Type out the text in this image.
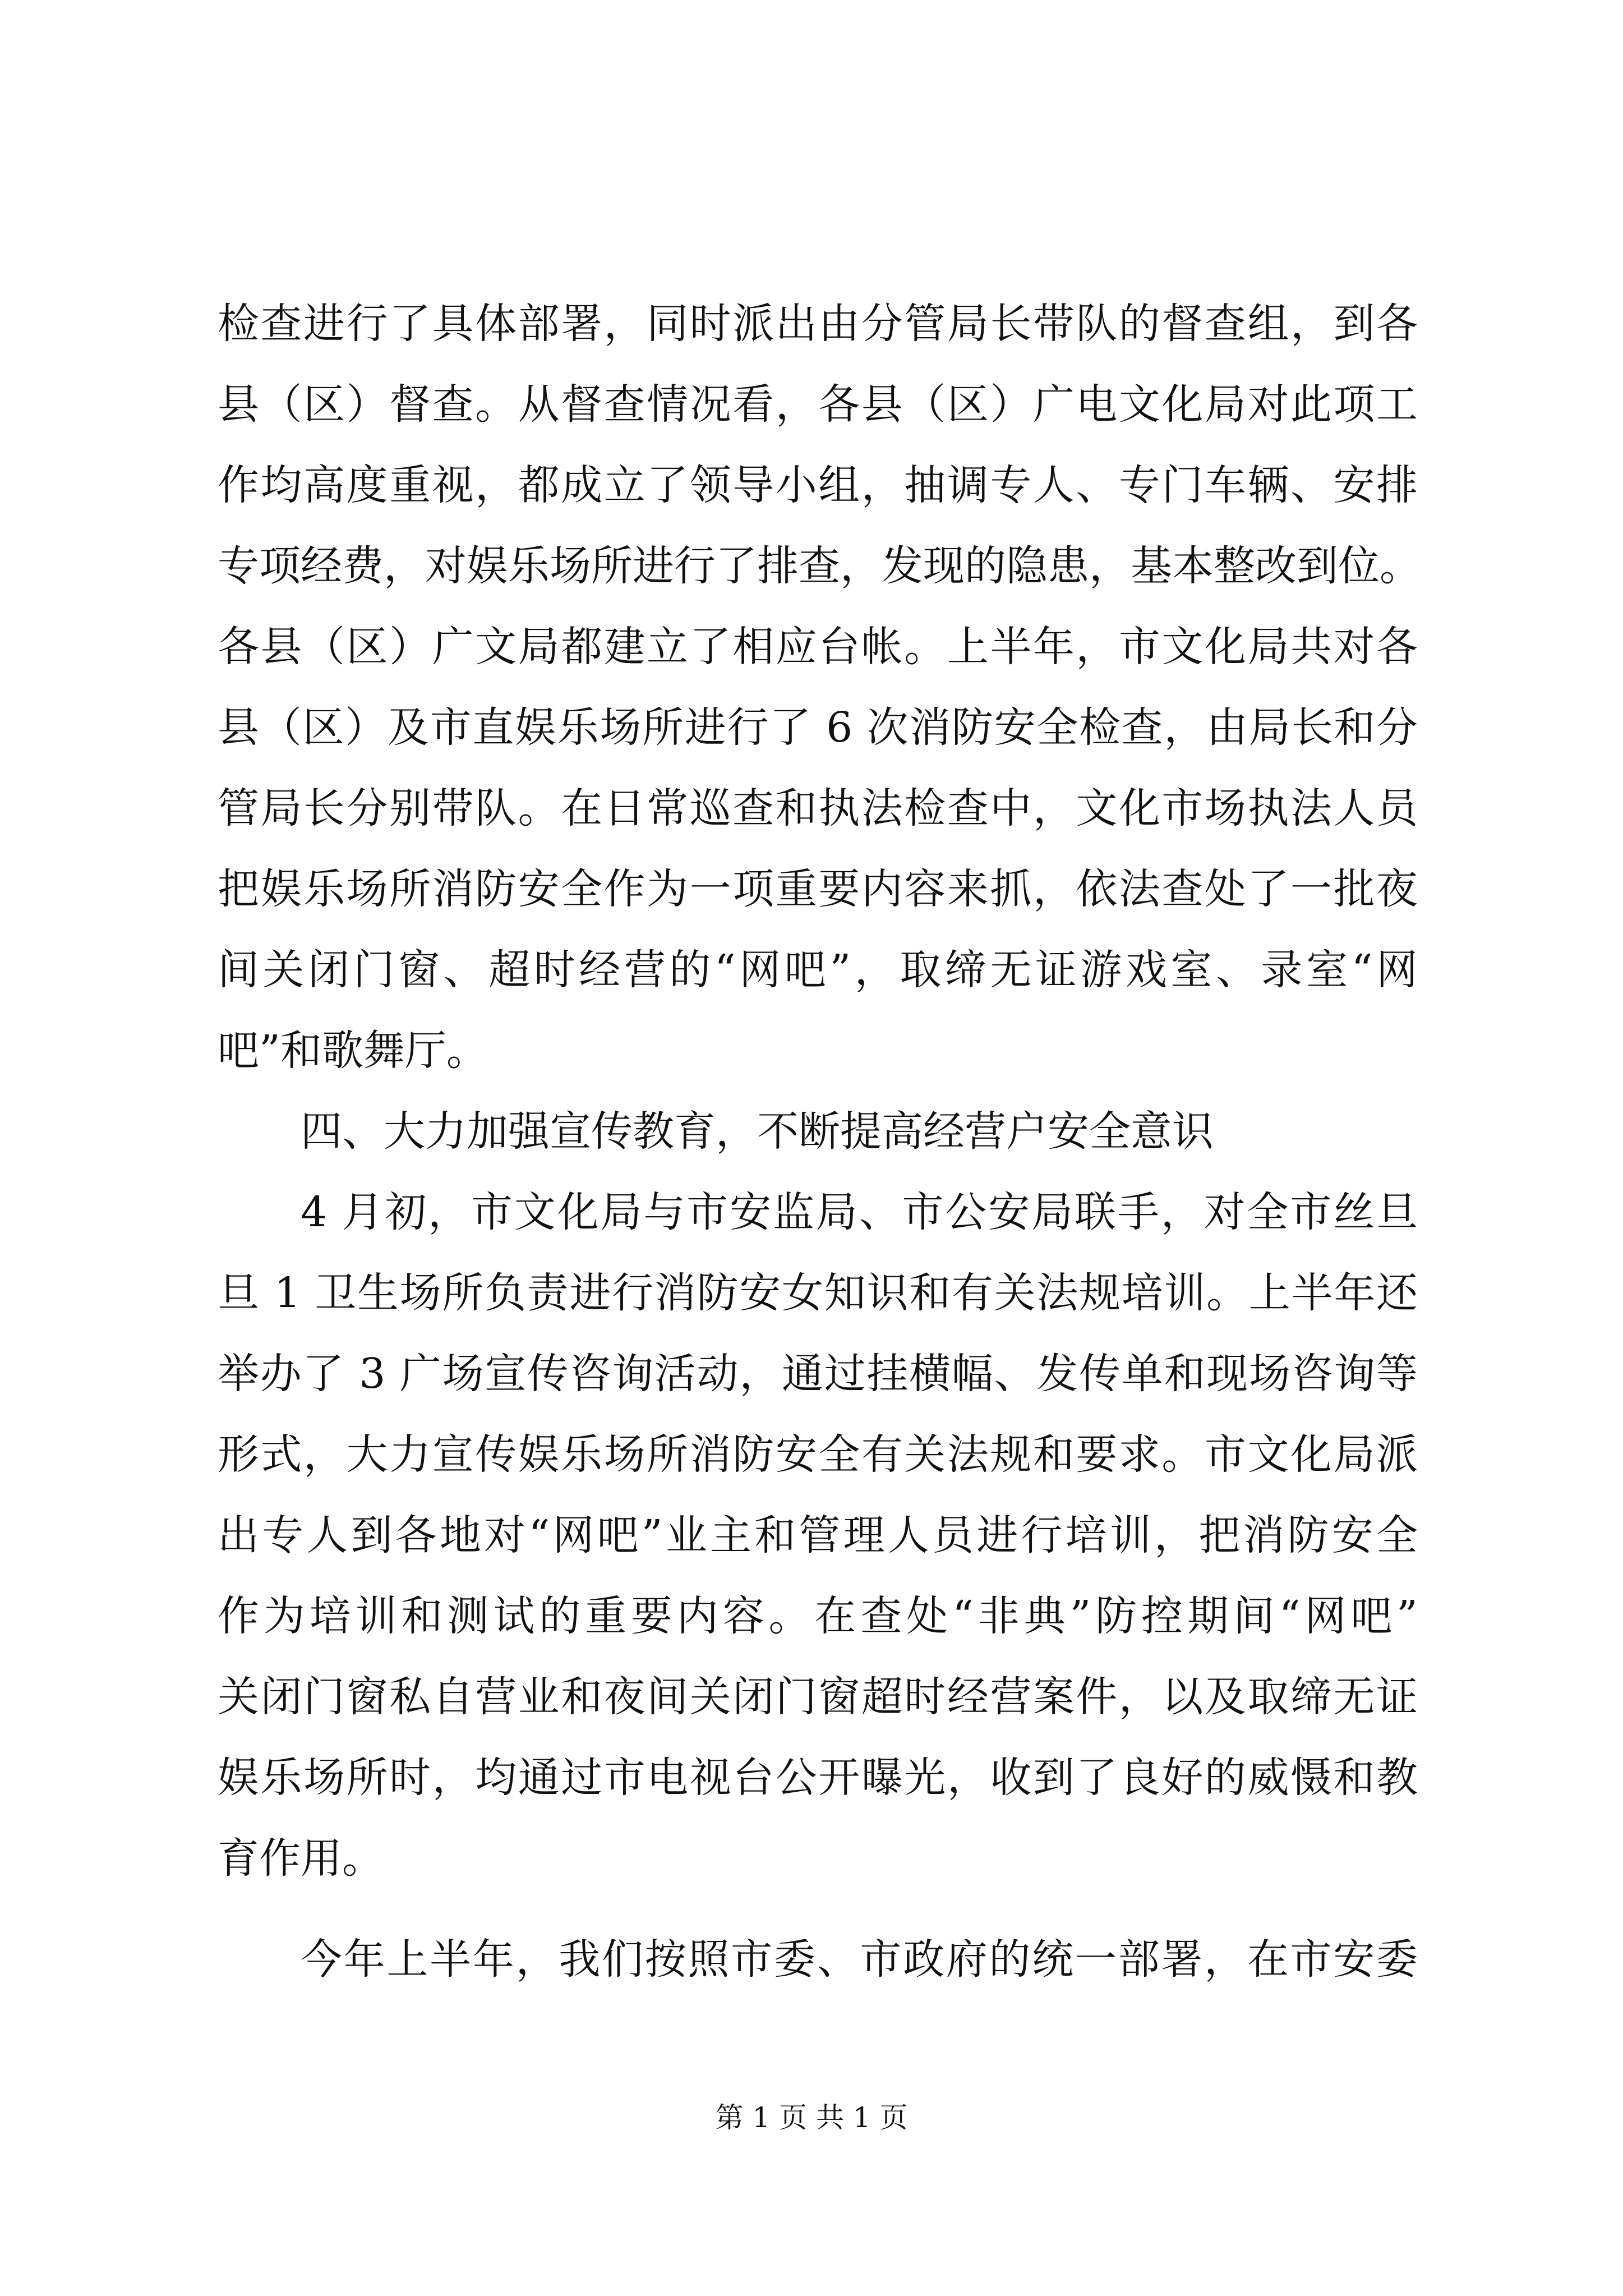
检查进行了具体部署，同时派出由分管局长带队的督查组，到各
县（区）督查。从督查情况看，各县（区）广电文化局对此项工
作均高度重视，都成立了领导小组，抽调专人、专门车辆、安排
专项经费，对娱乐场所进行了排查，发现的隐患，基本整改到位。
各县（区）广文局都建立了相应台帐。上半年，市文化局共对各
县（区）及市直娱乐场所进行了 6 次消防安全检查，由局长和分
管局长分别带队。在日常巡查和执法检查中，文化市场执法人员
把娱乐场所消防安全作为一项重要内容来抓，依法查处了一批夜
间关闭门窗、超时经营的“网吧”，取缔无证游戏室、录室“网
吧”和歌舞厅。
四、大力加强宣传教育，不断提高经营户安全意识
4 月初，市文化局与市安监局、市公安局联手，对全市丝旦
旦 1 卫生场所负责进行消防安女知识和有关法规培训。上半年还
举办了 3 广场宣传咨询活动，通过挂横幅、发传单和现场咨询等
形式，大力宣传娱乐场所消防安全有关法规和要求。市文化局派
出专人到各地对“网吧”业主和管理人员进行培训，把消防安全
作为培训和测试的重要内容。在查处“非典”防控期间“网吧”
关闭门窗私自营业和夜间关闭门窗超时经营案件，以及取缔无证
娱乐场所时，均通过市电视台公开曝光，收到了良好的威慑和教
育作用。
今年上半年，我们按照市委、市政府的统一部署，在市安委
第 1 页 共 1 页
